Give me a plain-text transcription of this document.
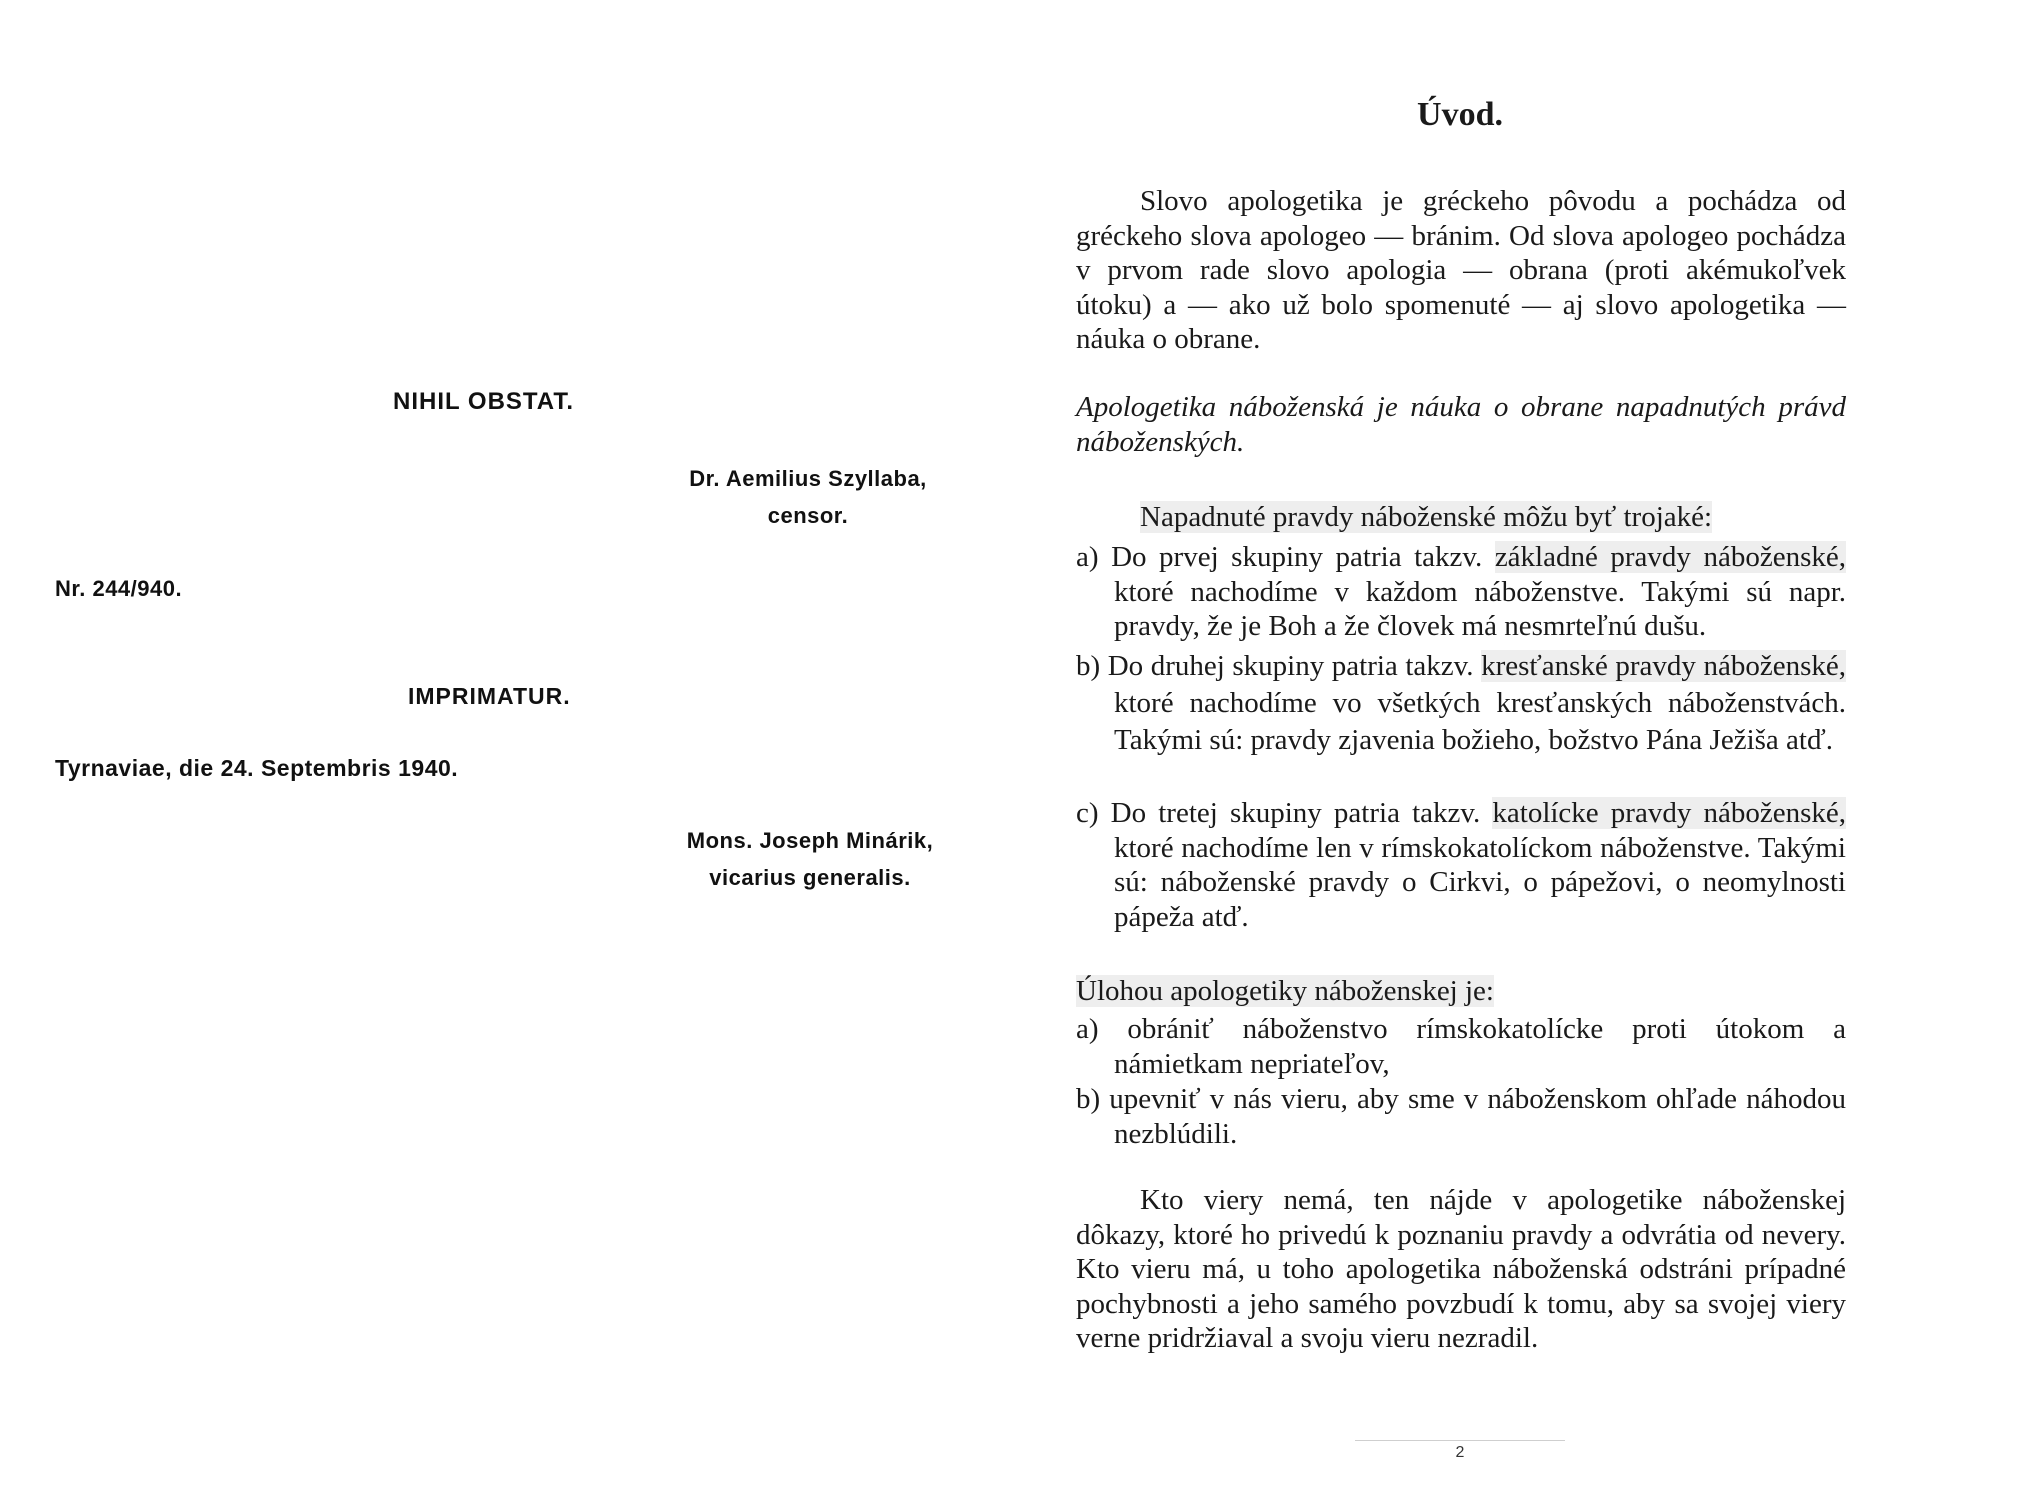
NIHIL OBSTAT.
Dr. Aemilius Szyllaba,
censor.
Nr. 244/940.
IMPRIMATUR.
Tyrnaviae, die 24. Septembris 1940.
Mons. Joseph Minárik,
vicarius generalis.
Úvod.
Slovo apologetika je gréckeho pôvodu a pochádza od gréckeho slova apologeo — bránim. Od slova apologeo pochádza v prvom rade slovo apologia — obrana (proti akémukoľvek útoku) a — ako už bolo spomenuté — aj slovo apologetika — náuka o obrane.
Apologetika náboženská je náuka o obrane napadnutých právd náboženských.
Napadnuté pravdy náboženské môžu byť trojaké:
a) Do prvej skupiny patria takzv. základné pravdy náboženské, ktoré nachodíme v každom náboženstve. Takými sú napr. pravdy, že je Boh a že človek má nesmrteľnú dušu.
b) Do druhej skupiny patria takzv. kresťanské pravdy náboženské, ktoré nachodíme vo všetkých kresťanských náboženstvách. Takými sú: pravdy zjavenia božieho, božstvo Pána Ježiša atď.
c) Do tretej skupiny patria takzv. katolícke pravdy náboženské, ktoré nachodíme len v rímskokatolíckom náboženstve. Takými sú: náboženské pravdy o Cirkvi, o pápežovi, o neomylnosti pápeža atď.
Úlohou apologetiky náboženskej je:
a) obrániť náboženstvo rímskokatolícke proti útokom a námietkam nepriateľov,
b) upevniť v nás vieru, aby sme v náboženskom ohľade náhodou nezblúdili.
Kto viery nemá, ten nájde v apologetike náboženskej dôkazy, ktoré ho privedú k poznaniu pravdy a odvrátia od nevery. Kto vieru má, u toho apologetika náboženská odstráni prípadné pochybnosti a jeho samého povzbudí k tomu, aby sa svojej viery verne pridržiaval a svoju vieru nezradil.
2
